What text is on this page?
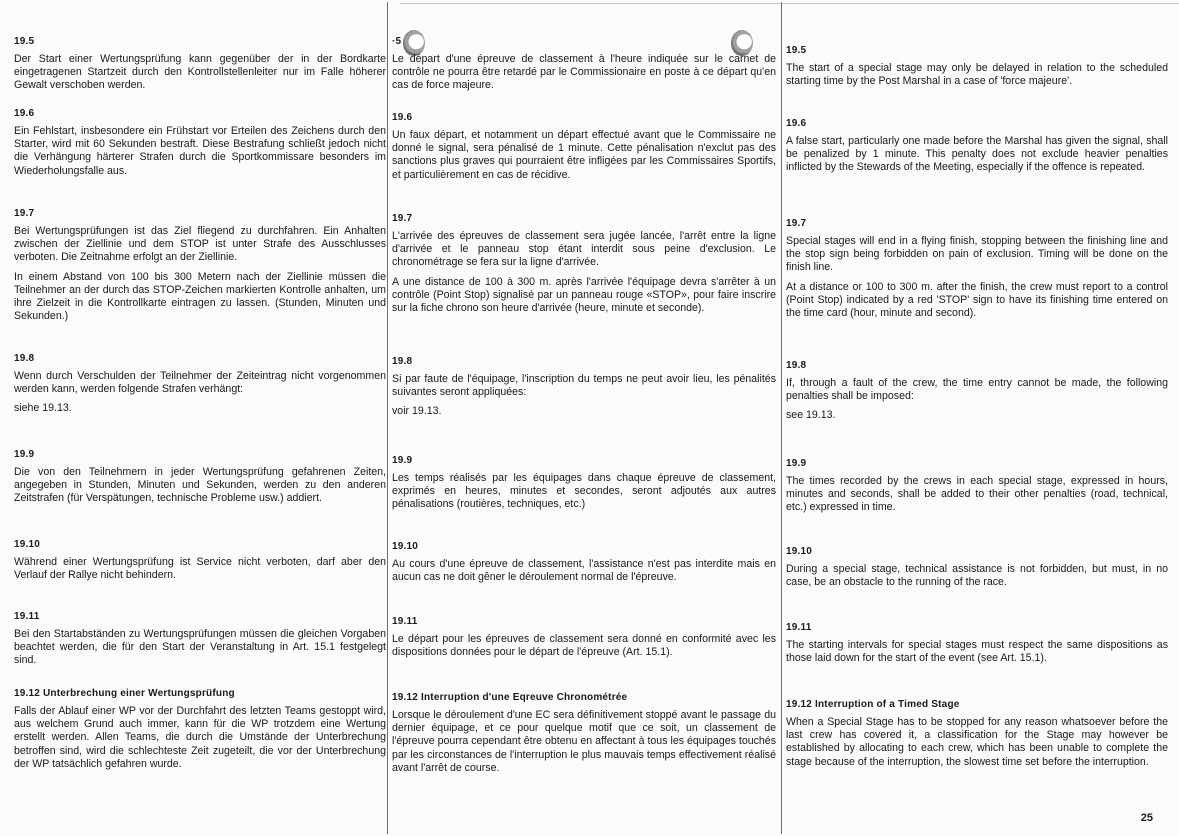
19.5

Der Start einer Wertungsprüfung kann gegenüber der in der Bordkarte eingetragenen Startzeit durch den Kontrollstellenleiter nur im Falle höherer Gewalt verschoben werden.

19.6

Ein Fehlstart, insbesondere ein Frühstart vor Erteilen des Zeichens durch den Starter, wird mit 60 Sekunden bestraft. Diese Bestrafung schließt jedoch nicht die Verhängung härterer Strafen durch die Sportkommissare besonders im Wiederholungsfalle aus.

19.7

Bei Wertungsprüfungen ist das Ziel fliegend zu durchfahren. Ein Anhalten zwischen der Ziellinie und dem STOP ist unter Strafe des Ausschlusses verboten. Die Zeitnahme erfolgt an der Ziellinie.

In einem Abstand von 100 bis 300 Metern nach der Ziellinie müssen die Teilnehmer an der durch das STOP-Zeichen markierten Kontrolle anhalten, um ihre Zielzeit in die Kontrollkarte eintragen zu lassen. (Stunden, Minuten und Sekunden.)

19.8

Wenn durch Verschulden der Teilnehmer der Zeiteintrag nicht vorgenommen werden kann, werden folgende Strafen verhängt:

siehe 19.13.

19.9

Die von den Teilnehmern in jeder Wertungsprüfung gefahrenen Zeiten, angegeben in Stunden, Minuten und Sekunden, werden zu den anderen Zeitstrafen (für Verspätungen, technische Probleme usw.) addiert.

19.10

Während einer Wertungsprüfung ist Service nicht verboten, darf aber den Verlauf der Rallye nicht behindern.

19.11

Bei den Startabständen zu Wertungsprüfungen müssen die gleichen Vorgaben beachtet werden, die für den Start der Veranstaltung in Art. 15.1 festgelegt sind.

19.12 Unterbrechung einer Wertungsprüfung

Falls der Ablauf einer WP vor der Durchfahrt des letzten Teams gestoppt wird, aus welchem Grund auch immer, kann für die WP trotzdem eine Wertung erstellt werden. Allen Teams, die durch die Umstände der Unterbrechung betroffen sind, wird die schlechteste Zeit zugeteilt, die vor der Unterbrechung der WP tatsächlich gefahren wurde.

·5

Le départ d'une épreuve de classement à l'heure indiquée sur le carnet de contrôle ne pourra être retardé par le Commissionaire en poste à ce départ qu'en cas de force majeure.

19.6

Un faux départ, et notamment un départ effectué avant que le Commissaire ne donné le signal, sera pénalisé de 1 minute. Cette pénalisation n'exclut pas des sanctions plus graves qui pourraient être infligées par les Commissaires Sportifs, et particulièrement en cas de récidive.

19.7

L'arrivée des épreuves de classement sera jugée lancée, l'arrêt entre la ligne d'arrivée et le panneau stop étant interdit sous peine d'exclusion. Le chronométrage se fera sur la ligne d'arrivée.

A une distance de 100 à 300 m. après l'arrivée l'équipage devra s'arrêter à un contrôle (Point Stop) signalisé par un panneau rouge «STOP», pour faire inscrire sur la fiche chrono son heure d'arrivée (heure, minute et seconde).

19.8

Si par faute de l'équipage, l'inscription du temps ne peut avoir lieu, les pénalités suivantes seront appliquées:

voir 19.13.

19.9

Les temps réalisés par les équipages dans chaque épreuve de classement, exprimés en heures, minutes et secondes, seront adjoutés aux autres pénalisations (routières, techniques, etc.)

19.10

Au cours d'une épreuve de classement, l'assistance n'est pas interdite mais en aucun cas ne doit gêner le déroulement normal de l'épreuve.

19.11

Le départ pour les épreuves de classement sera donné en conformité avec les dispositions données pour le départ de l'épreuve (Art. 15.1).

19.12 Interruption d'une Eqreuve Chronométrée

Lorsque le déroulement d'une EC sera définitivement stoppé avant le passage du dernier équipage, et ce pour quelque motif que ce soit, un classement de l'épreuve pourra cependant être obtenu en affectant à tous les équipages touchés par les circonstances de l'interruption le plus mauvais temps effectivement réalisé avant l'arrêt de course.

19.5

The start of a special stage may only be delayed in relation to the scheduled starting time by the Post Marshal in a case of 'force majeure'.

19.6

A false start, particularly one made before the Marshal has given the signal, shall be penalized by 1 minute. This penalty does not exclude heavier penalties inflicted by the Stewards of the Meeting, especially if the offence is repeated.

19.7

Special stages will end in a flying finish, stopping between the finishing line and the stop sign being forbidden on pain of exclusion. Timing will be done on the finish line.

At a distance or 100 to 300 m. after the finish, the crew must report to a control (Point Stop) indicated by a red 'STOP' sign to have its finishing time entered on the time card (hour, minute and second).

19.8

If, through a fault of the crew, the time entry cannot be made, the following penalties shall be imposed:

see 19.13.

19.9

The times recorded by the crews in each special stage, expressed in hours, minutes and seconds, shall be added to their other penalties (road, technical, etc.) expressed in time.

19.10

During a special stage, technical assistance is not forbidden, but must, in no case, be an obstacle to the running of the race.

19.11

The starting intervals for special stages must respect the same dispositions as those laid down for the start of the event (see Art. 15.1).

19.12 Interruption of a Timed Stage

When a Special Stage has to be stopped for any reason whatsoever before the last crew has covered it, a classification for the Stage may however be established by allocating to each crew, which has been unable to complete the stage because of the interruption, the slowest time set before the interruption.

25
